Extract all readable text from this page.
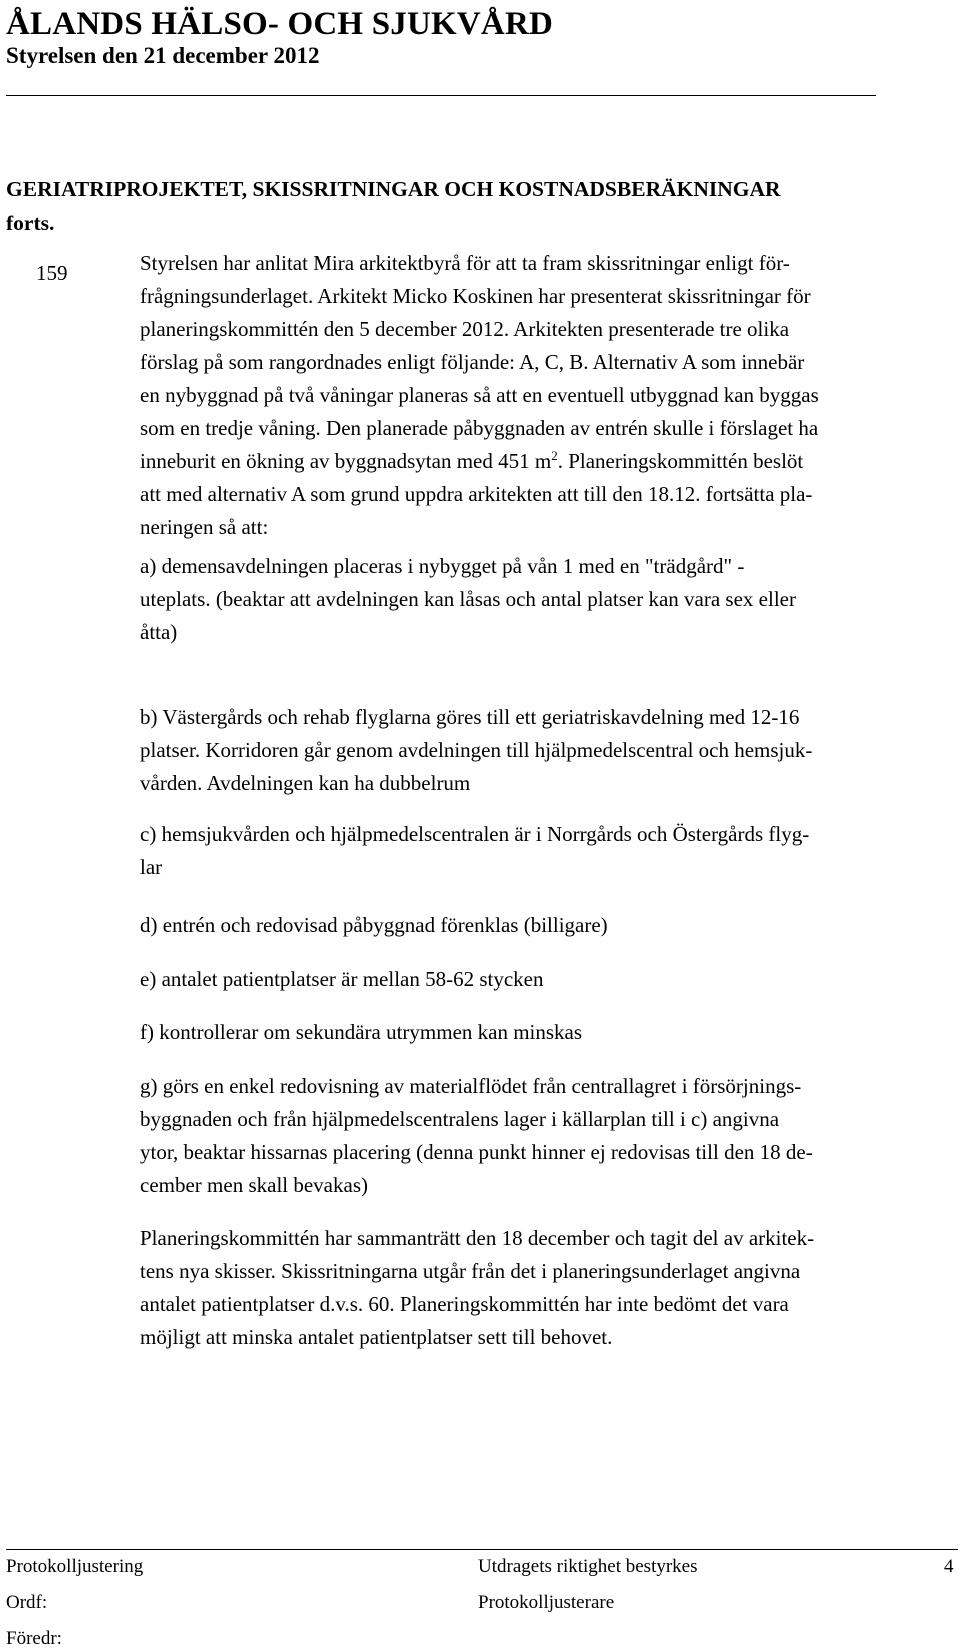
ÅLANDS HÄLSO- OCH SJUKVÅRD
Styrelsen den 21 december 2012
GERIATRIPROJEKTET, SKISSRITNINGAR OCH KOSTNADSBERÄKNINGAR
forts.
159	Styrelsen har anlitat Mira arkitektbyrå för att ta fram skissritningar enligt för-
frågningsunderlaget. Arkitekt Micko Koskinen har presenterat skissritningar för
planeringskommittén den 5 december 2012. Arkitekten presenterade tre olika
förslag på som rangordnades enligt följande: A, C, B. Alternativ A som innebär
en nybyggnad på två våningar planeras så att en eventuell utbyggnad kan byggas
som en tredje våning. Den planerade påbyggnaden av entrén skulle i förslaget ha
inneburit en ökning av byggnadsytan med 451 $m^2$. Planeringskommittén beslöt
att med alternativ A som grund uppdra arkitekten att till den 18.12. fortsätta pla-
neringen så att:
a) demensavdelningen placeras i nybygget på vån 1 med en "trädgård" -
uteplats. (beaktar att avdelningen kan låsas och antal platser kan vara sex eller
åtta)
b) Västergårds och rehab flyglarna göres till ett geriatriskavdelning med 12-16
platser. Korridoren går genom avdelningen till hjälpmedelscentral och hemsjuk-
vården. Avdelningen kan ha dubbelrum
c) hemsjukvården och hjälpmedelscentralen är i Norrgårds och Östergårds flyg-
lar
d) entrén och redovisad påbyggnad förenklas (billigare)
e) antalet patientplatser är mellan 58-62 stycken
f) kontrollerar om sekundära utrymmen kan minskas
g) görs en enkel redovisning av materialflödet från centrallagret i försörjnings-
byggnaden och från hjälpmedelscentralens lager i källarplan till i c) angivna
ytor, beaktar hissarnas placering (denna punkt hinner ej redovisas till den 18 de-
cember men skall bevakas)
Planeringskommittén har sammanträtt den 18 december och tagit del av arkitek-
tens nya skisser. Skissritningarna utgår från det i planeringsunderlaget angivna
antalet patientplatser d.v.s. 60. Planeringskommittén har inte bedömt det vara
möjligt att minska antalet patientplatser sett till behovet.
Protokolljustering	Utdragets riktighet bestyrkes	4
Ordf:	Protokolljusterare
Föredr:
